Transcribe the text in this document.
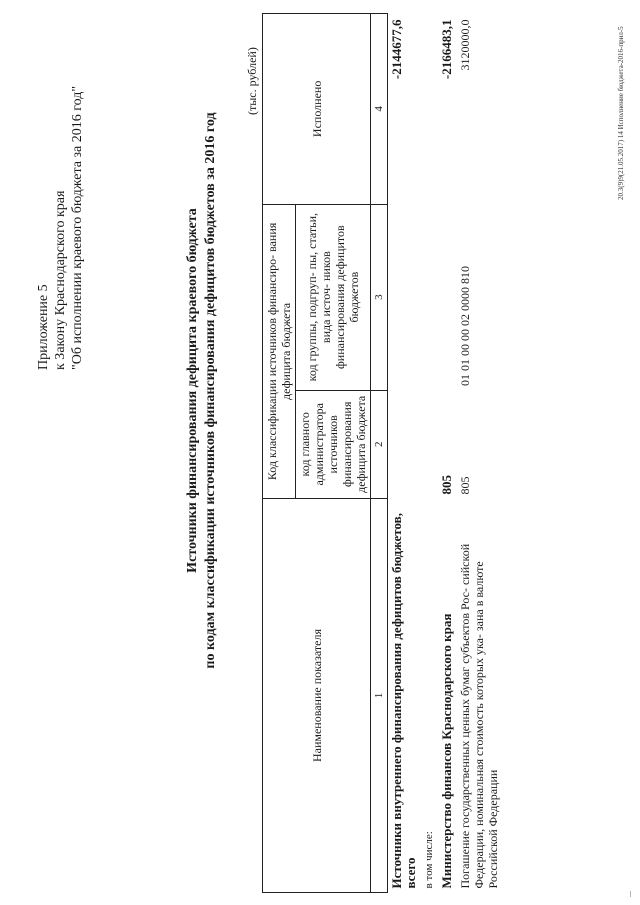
Приложение 5 к Закону Краснодарского края "Об исполнении краевого бюджета за 2016 год"	Источники финансирования дефицита краевого бюджета по кодам классификации источников финансирования дефицитов бюджетов за 2016 год
(тыс. рублей)
Наименование показателя	Код классификации источников финансиро- вания дефицита бюджета		Исполнено
	код главного администратора источников финансирования дефицита бюджета	код группы, подгруп- пы, статьи, вида источ- ников финансирования дефицитов бюджетов	
1	2	3	4
Источники внутреннего финансирования дефицитов бюджетов, всего			-2144677,6
в том числе:			
Министерство финансов Краснодарского края	805		-2166483,1
Погашение государственных ценных бумаг субъектов Рос- сийской Федерации, номинальная стоимость которых ука- зана в валюте Российской Федерации	805	01 01 00 00 02 0000 810	3120000,0	20.3(9)9(21.05.2017) 14 Исполнение бюджета-2016-прил-5
...
